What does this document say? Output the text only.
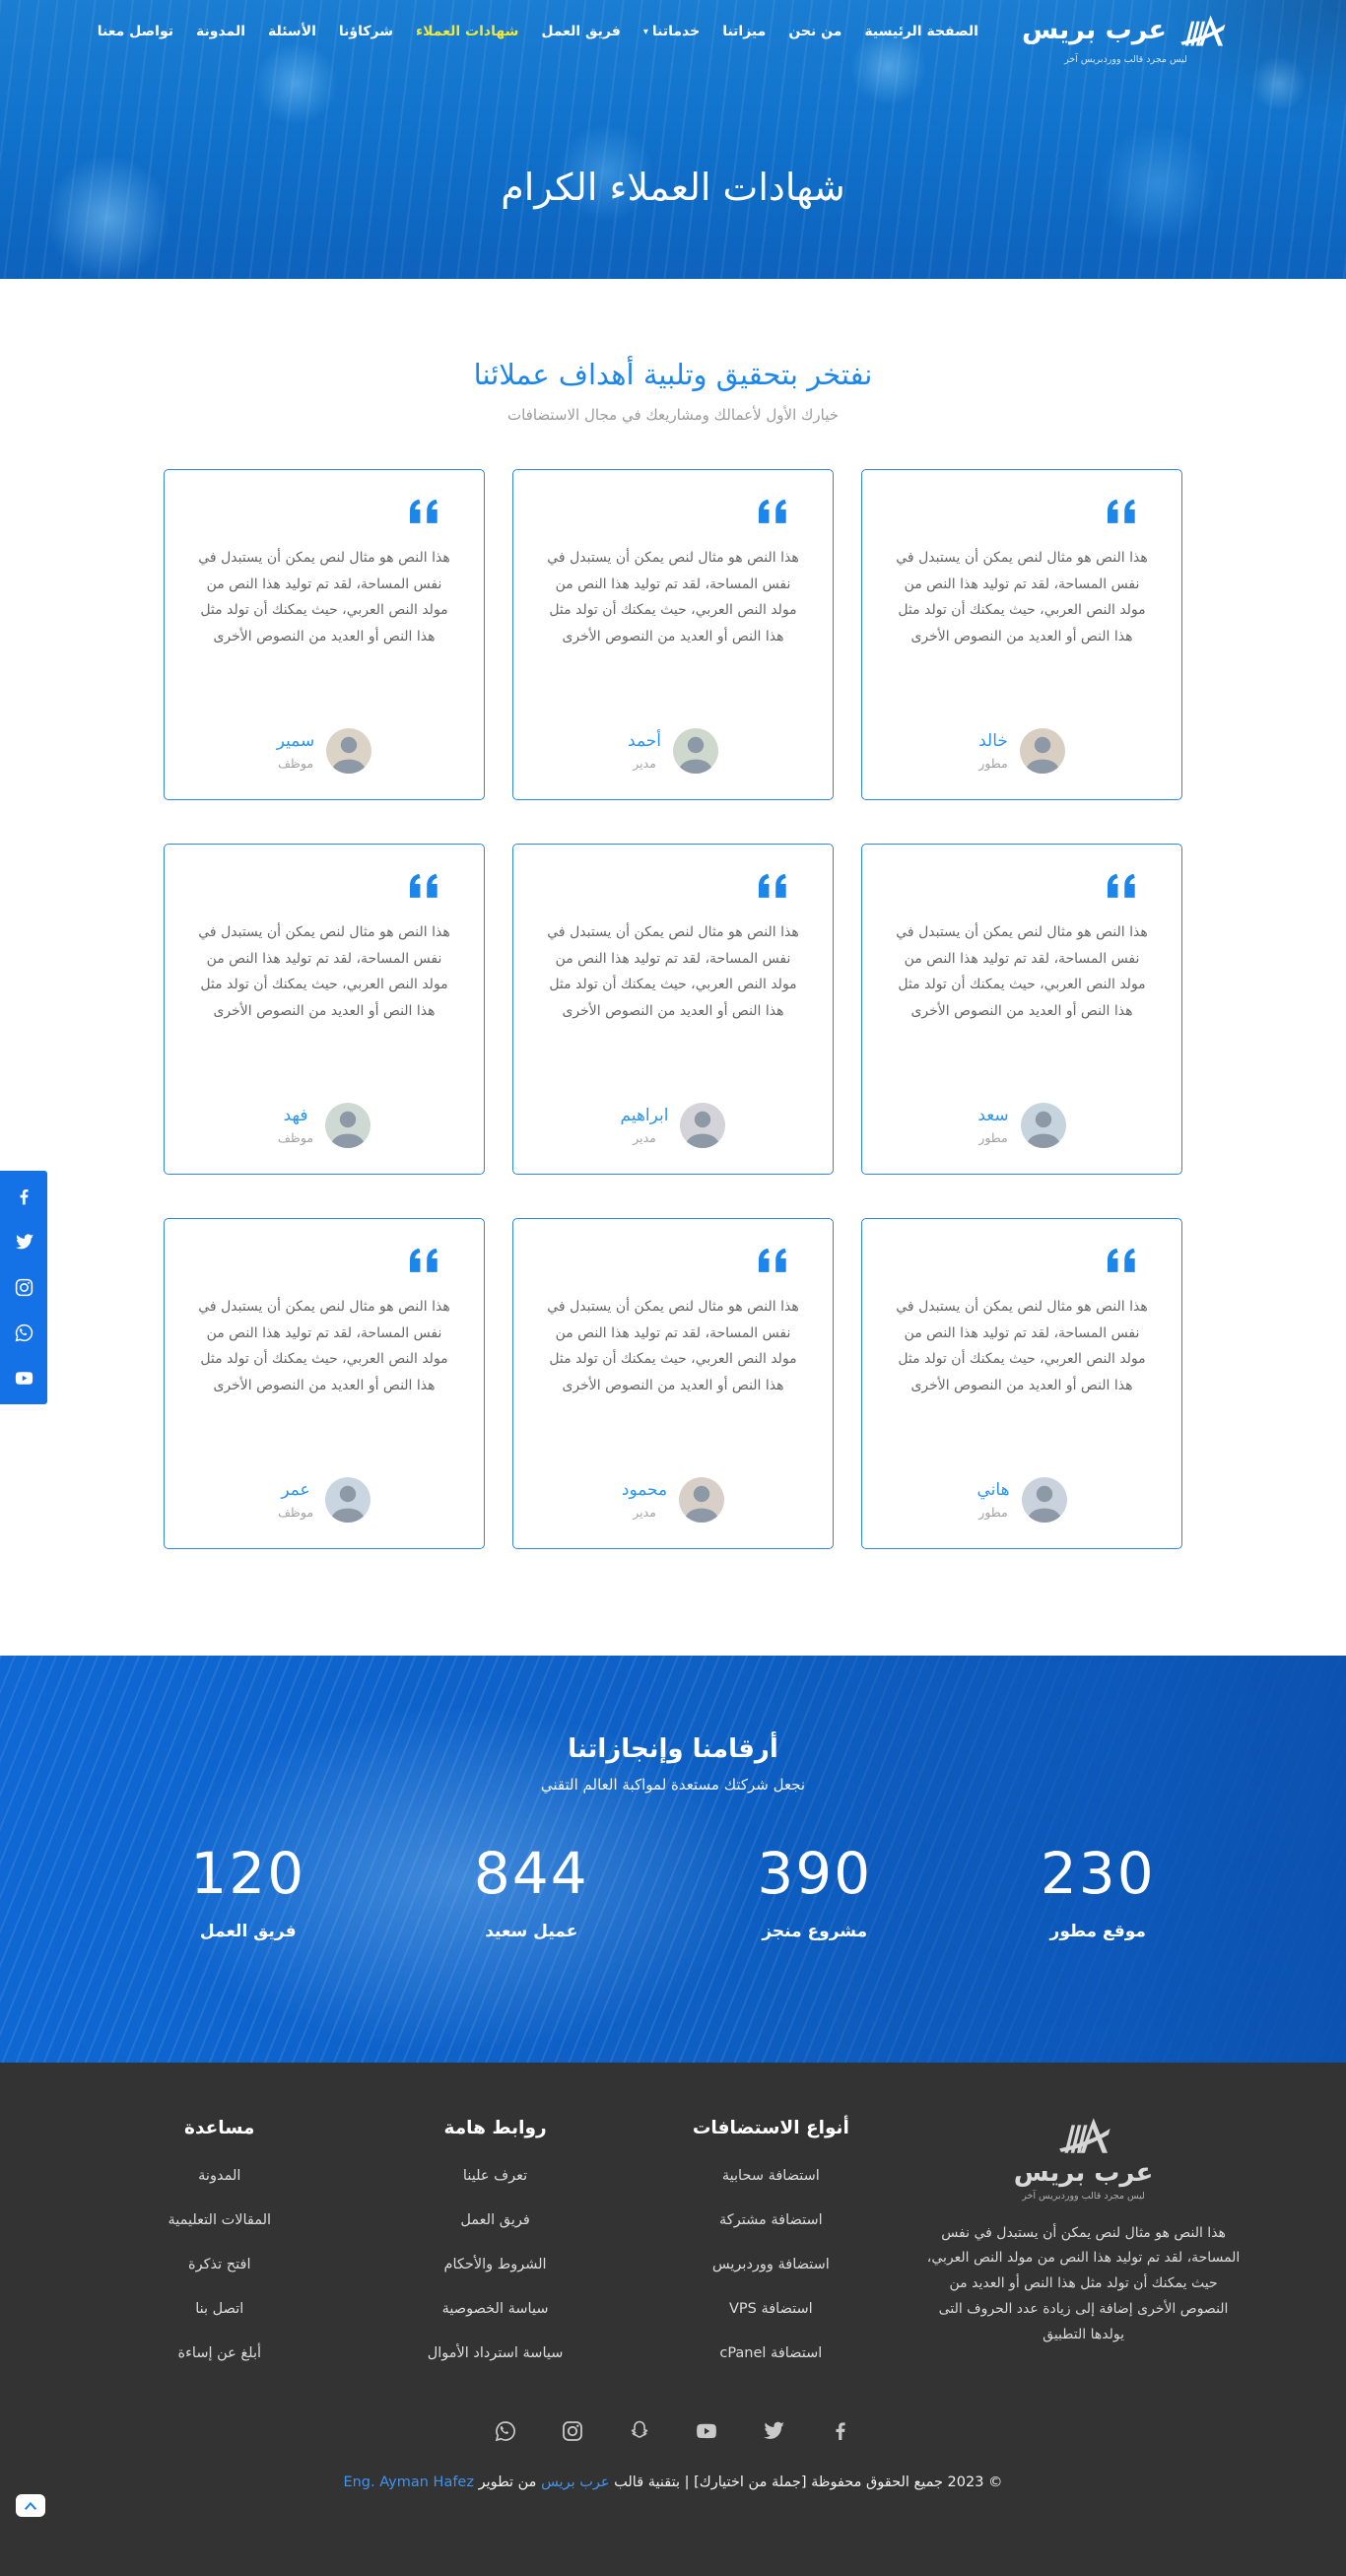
عرب بريس
ليس مجرد قالب ووردبريس آخر
الصفحة الرئيسية
من نحن
ميزاتنا
خدماتنا▾
فريق العمل
شهادات العملاء
شركاؤنا
الأسئلة
المدونة
تواصل معنا
شهادات العملاء الكرام
نفتخر بتحقيق وتلبية أهداف عملائنا
خيارك الأول لأعمالك ومشاريعك في مجال الاستضافات

هذا النص هو مثال لنص يمكن أن يستبدل في نفس المساحة، لقد تم توليد هذا النص من مولد النص العربي، حيث يمكنك أن تولد مثل هذا النص أو العديد من النصوص الأخرى

خالد
مطور

هذا النص هو مثال لنص يمكن أن يستبدل في نفس المساحة، لقد تم توليد هذا النص من مولد النص العربي، حيث يمكنك أن تولد مثل هذا النص أو العديد من النصوص الأخرى

أحمد
مدير

هذا النص هو مثال لنص يمكن أن يستبدل في نفس المساحة، لقد تم توليد هذا النص من مولد النص العربي، حيث يمكنك أن تولد مثل هذا النص أو العديد من النصوص الأخرى

سمير
موظف

هذا النص هو مثال لنص يمكن أن يستبدل في نفس المساحة، لقد تم توليد هذا النص من مولد النص العربي، حيث يمكنك أن تولد مثل هذا النص أو العديد من النصوص الأخرى

سعد
مطور

هذا النص هو مثال لنص يمكن أن يستبدل في نفس المساحة، لقد تم توليد هذا النص من مولد النص العربي، حيث يمكنك أن تولد مثل هذا النص أو العديد من النصوص الأخرى

ابراهيم
مدير

هذا النص هو مثال لنص يمكن أن يستبدل في نفس المساحة، لقد تم توليد هذا النص من مولد النص العربي، حيث يمكنك أن تولد مثل هذا النص أو العديد من النصوص الأخرى

فهد
موظف

هذا النص هو مثال لنص يمكن أن يستبدل في نفس المساحة، لقد تم توليد هذا النص من مولد النص العربي، حيث يمكنك أن تولد مثل هذا النص أو العديد من النصوص الأخرى

هاني
مطور

هذا النص هو مثال لنص يمكن أن يستبدل في نفس المساحة، لقد تم توليد هذا النص من مولد النص العربي، حيث يمكنك أن تولد مثل هذا النص أو العديد من النصوص الأخرى

محمود
مدير

هذا النص هو مثال لنص يمكن أن يستبدل في نفس المساحة، لقد تم توليد هذا النص من مولد النص العربي، حيث يمكنك أن تولد مثل هذا النص أو العديد من النصوص الأخرى

عمر
موظف
أرقامنا وإنجازاتنا
نجعل شركتك مستعدة لمواكبة العالم التقني
230
موقع مطور
390
مشروع منجز
844
عميل سعيد
120
فريق العمل
عرب بريس
ليس مجرد قالب ووردبريس آخر

هذا النص هو مثال لنص يمكن أن يستبدل في نفس المساحة، لقد تم توليد هذا النص من مولد النص العربي، حيث يمكنك أن تولد مثل هذا النص أو العديد من النصوص الأخرى إضافة إلى زيادة عدد الحروف التى يولدها التطبيق

أنواع الاستضافات
استضافة سحابية
استضافة مشتركة
استضافة ووردبريس
استضافة VPS
استضافة cPanel
روابط هامة
تعرف علينا
فريق العمل
الشروط والأحكام
سياسة الخصوصية
سياسة استرداد الأموال
مساعدة
المدونة
المقالات التعليمية
افتح تذكرة
اتصل بنا
أبلغ عن إساءة
© 2023 جميع الحقوق محفوظة [جملة من اختيارك] | بتقنية قالب عرب بريس من تطوير Eng. Ayman Hafez
